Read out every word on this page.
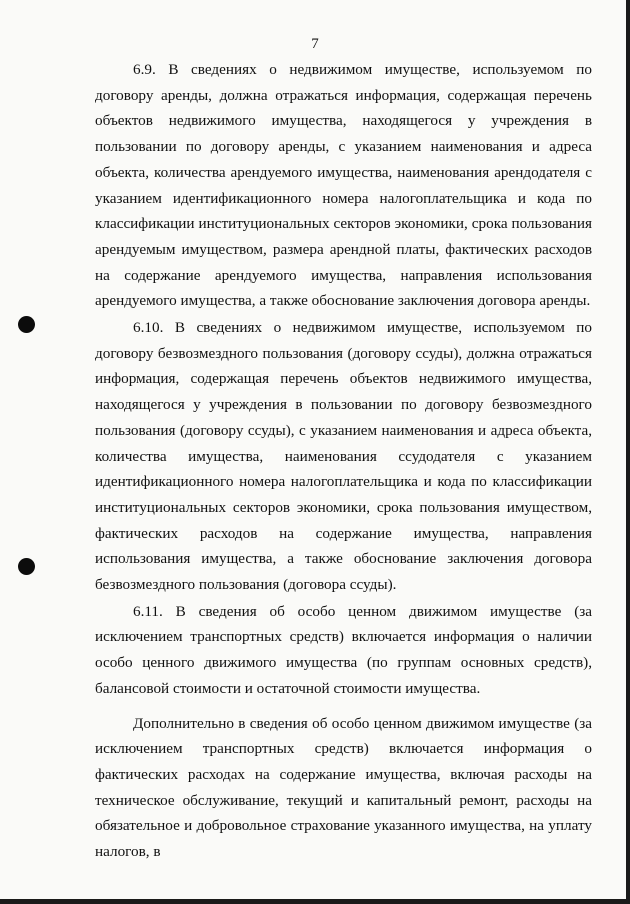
7

6.9. В сведениях о недвижимом имуществе, используемом по договору аренды, должна отражаться информация, содержащая перечень объектов недвижимого имущества, находящегося у учреждения в пользовании по договору аренды, с указанием наименования и адреса объекта, количества арендуемого имущества, наименования арендодателя с указанием идентификационного номера налогоплательщика и кода по классификации институциональных секторов экономики, срока пользования арендуемым имуществом, размера арендной платы, фактических расходов на содержание арендуемого имущества, направления использования арендуемого имущества, а также обоснование заключения договора аренды.

6.10. В сведениях о недвижимом имуществе, используемом по договору безвозмездного пользования (договору ссуды), должна отражаться информация, содержащая перечень объектов недвижимого имущества, находящегося у учреждения в пользовании по договору безвозмездного пользования (договору ссуды), с указанием наименования и адреса объекта, количества имущества, наименования ссудодателя с указанием идентификационного номера налогоплательщика и кода по классификации институциональных секторов экономики, срока пользования имуществом, фактических расходов на содержание имущества, направления использования имущества, а также обоснование заключения договора безвозмездного пользования (договора ссуды).

6.11. В сведения об особо ценном движимом имуществе (за исключением транспортных средств) включается информация о наличии особо ценного движимого имущества (по группам основных средств), балансовой стоимости и остаточной стоимости имущества.

Дополнительно в сведения об особо ценном движимом имуществе (за исключением транспортных средств) включается информация о фактических расходах на содержание имущества, включая расходы на техническое обслуживание, текущий и капитальный ремонт, расходы на обязательное и добровольное страхование указанного имущества, на уплату налогов, в
